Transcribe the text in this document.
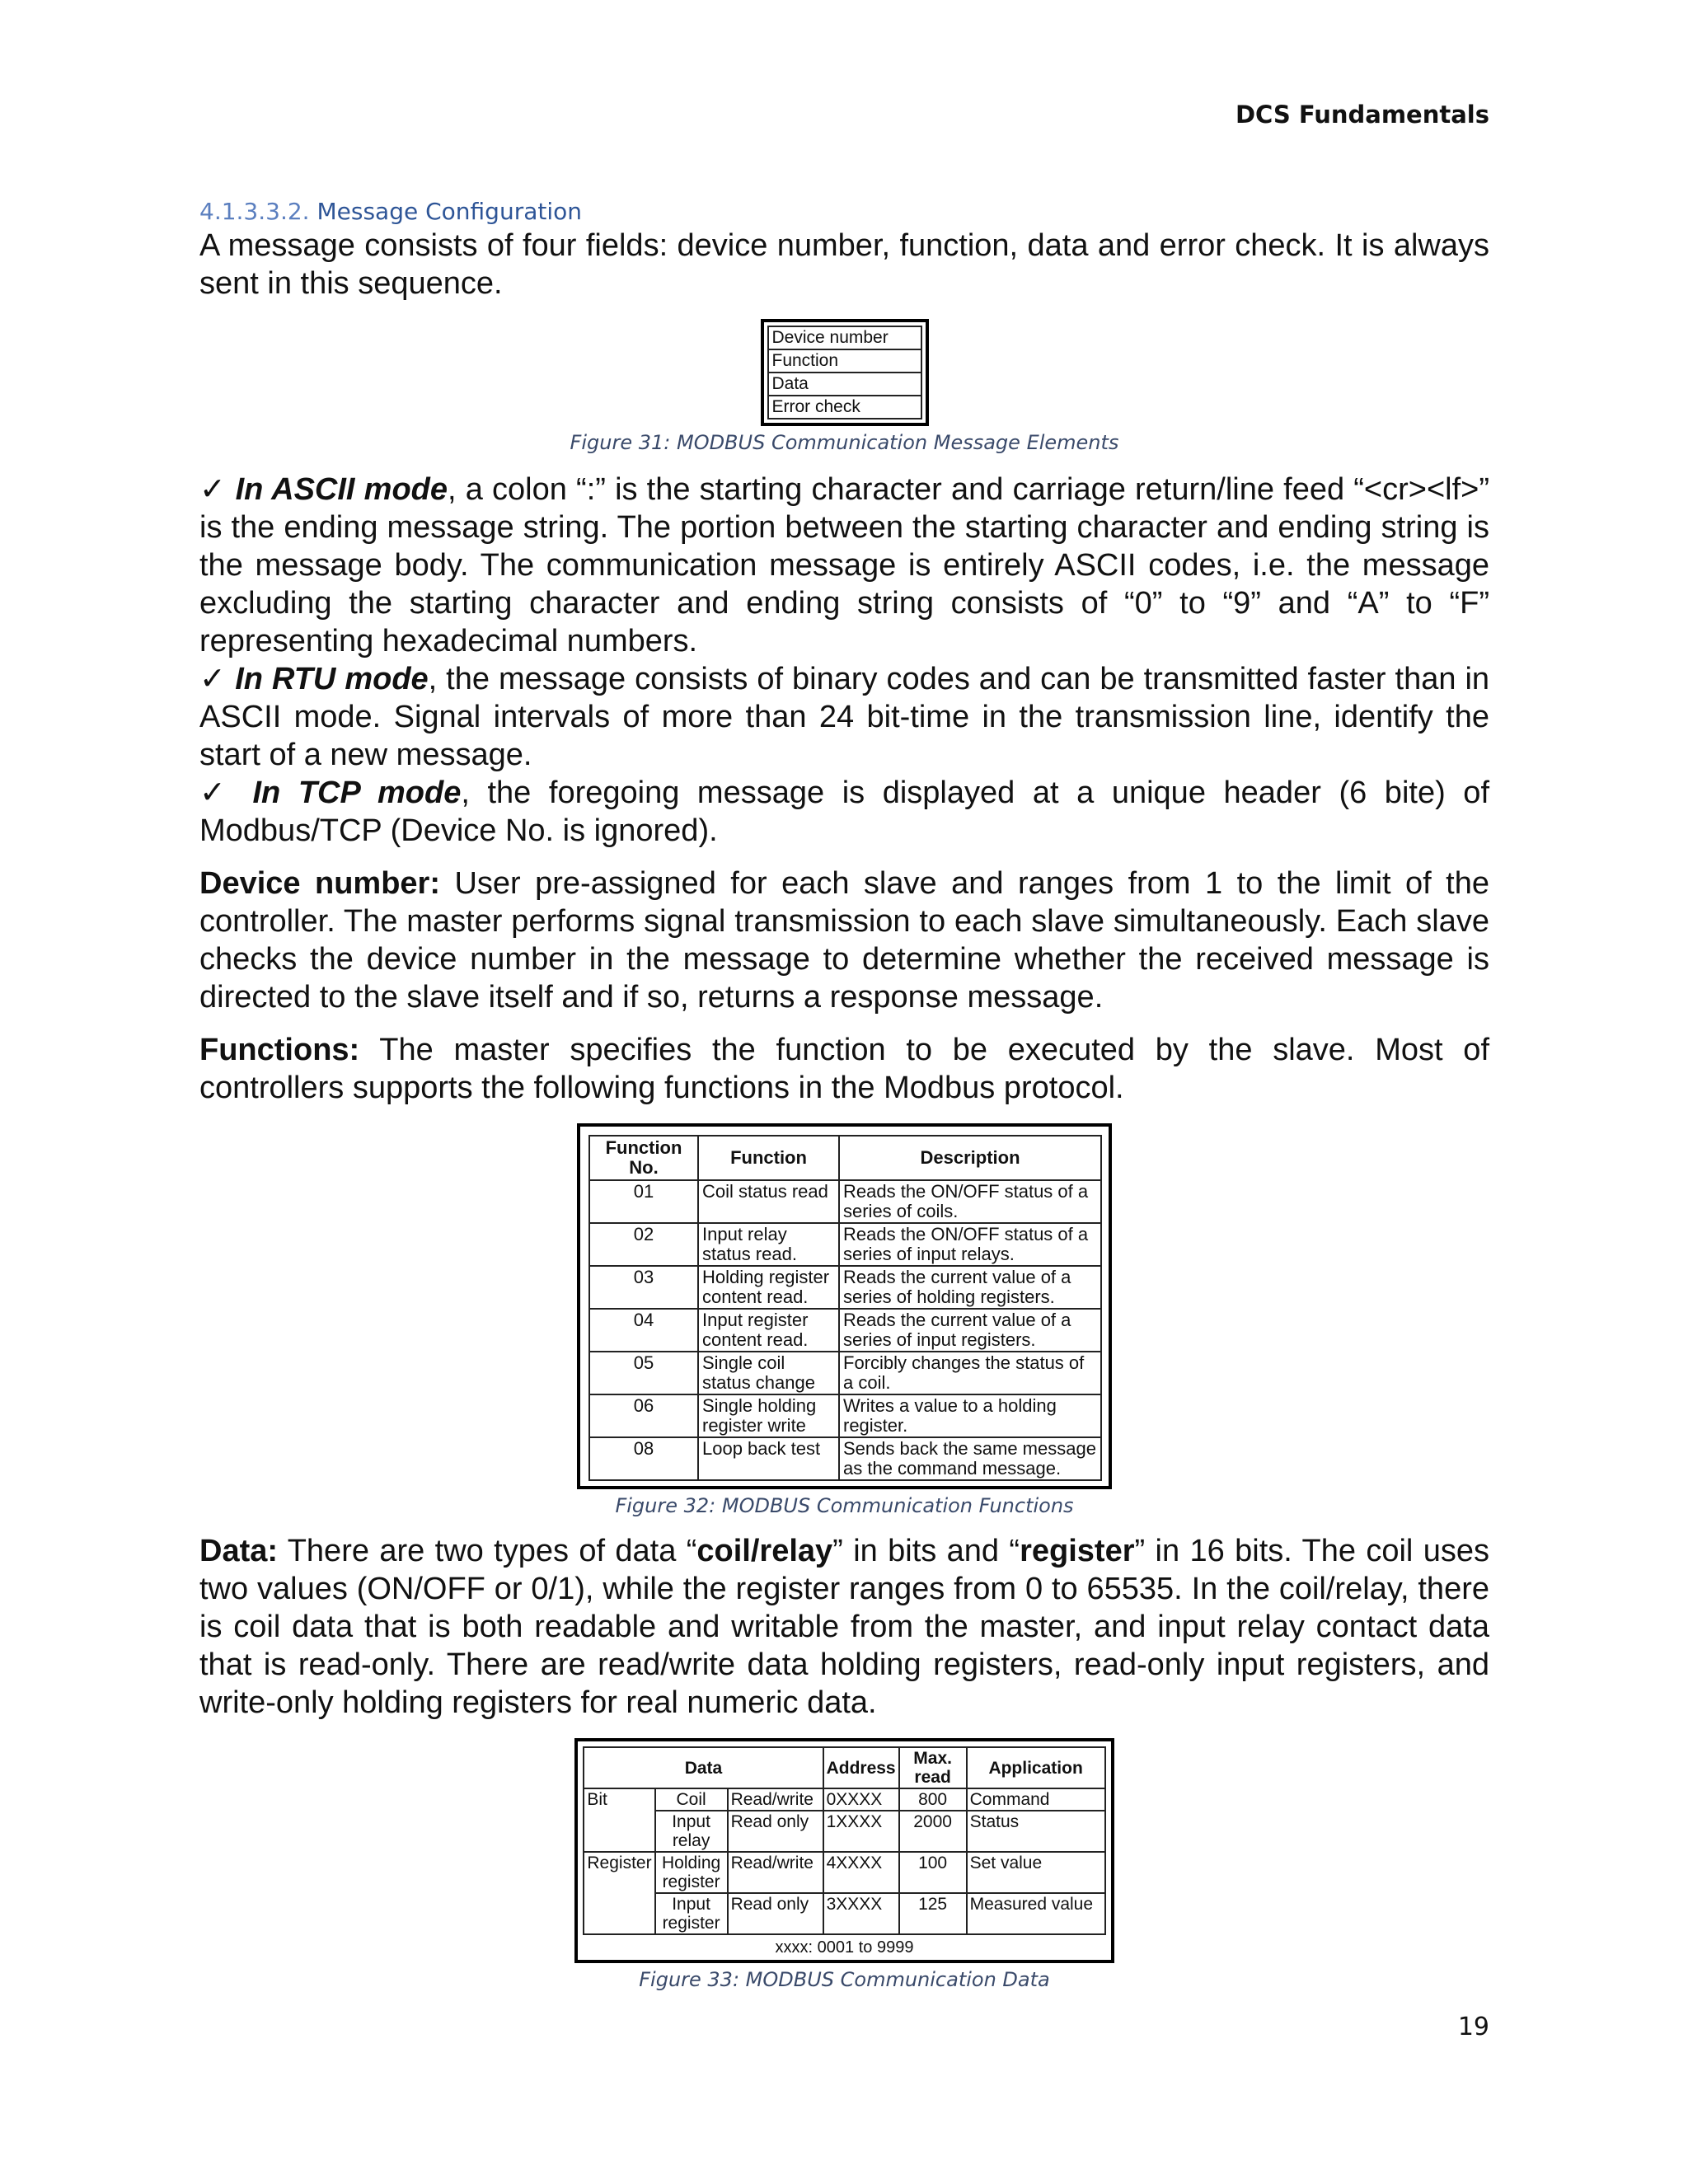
DCS Fundamentals
4.1.3.3.2. Message Configuration

A message consists of four fields: device number, function, data and error check. It is always sent in this sequence.

Device number
Function
Data
Error check
Figure 31: MODBUS Communication Message Elements

✓ In ASCII mode, a colon “:” is the starting character and carriage return/line feed “<cr><lf>” is the ending message string. The portion between the starting character and ending string is the message body. The communication message is entirely ASCII codes, i.e. the message excluding the starting character and ending string consists of “0” to “9” and “A” to “F” representing hexadecimal numbers.

✓ In RTU mode, the message consists of binary codes and can be transmitted faster than in ASCII mode. Signal intervals of more than 24 bit-time in the transmission line, identify the start of a new message.

✓ In TCP mode, the foregoing message is displayed at a unique header (6 bite) of Modbus/TCP (Device No. is ignored).

Device number: User pre-assigned for each slave and ranges from 1 to the limit of the controller. The master performs signal transmission to each slave simultaneously. Each slave checks the device number in the message to determine whether the received message is directed to the slave itself and if so, returns a response message.

Functions: The master specifies the function to be executed by the slave. Most of controllers supports the following functions in the Modbus protocol.

Function No.	Function	Description
01	Coil status read	Reads the ON/OFF status of a series of coils.
02	Input relay status read.	Reads the ON/OFF status of a series of input relays.
03	Holding register content read.	Reads the current value of a series of holding registers.
04	Input register content read.	Reads the current value of a series of input registers.
05	Single coil status change	Forcibly changes the status of a coil.
06	Single holding register write	Writes a value to a holding register.
08	Loop back test	Sends back the same message as the command message.
Figure 32: MODBUS Communication Functions

Data: There are two types of data “coil/relay” in bits and “register” in 16 bits. The coil uses two values (ON/OFF or 0/1), while the register ranges from 0 to 65535. In the coil/relay, there is coil data that is both readable and writable from the master, and input relay contact data that is read-only. There are read/write data holding registers, read-only input registers, and write-only holding registers for real numeric data.

Data			Address	Max. read	Application
Bit	Coil	Read/write	0XXXX	800	Command
	Input relay	Read only	1XXXX	2000	Status
Register	Holding register	Read/write	4XXXX	100	Set value
	Input register	Read only	3XXXX	125	Measured value
xxxx: 0001 to 9999					
Figure 33: MODBUS Communication Data
19
